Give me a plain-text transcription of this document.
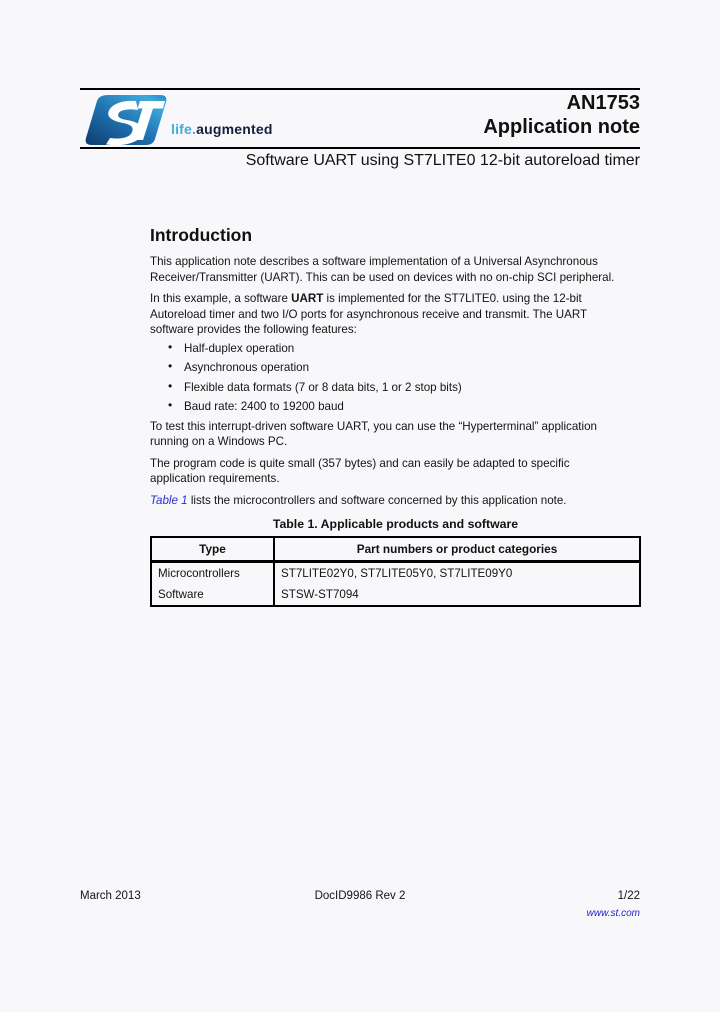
life.augmented
AN1753
Application note
Software UART using ST7LITE0 12-bit autoreload timer
Introduction
This application note describes a software implementation of a Universal Asynchronous
Receiver/Transmitter (UART). This can be used on devices with no on-chip SCI peripheral.
In this example, a software UART is implemented for the ST7LITE0. using the 12-bit
Autoreload timer and two I/O ports for asynchronous receive and transmit. The UART
software provides the following features:
• Half-duplex operation
• Asynchronous operation
• Flexible data formats (7 or 8 data bits, 1 or 2 stop bits)
• Baud rate: 2400 to 19200 baud
To test this interrupt-driven software UART, you can use the “Hyperterminal” application
running on a Windows PC.
The program code is quite small (357 bytes) and can easily be adapted to specific
application requirements.
Table 1 lists the microcontrollers and software concerned by this application note.
Table 1. Applicable products and software
Type	Part numbers or product categories
Microcontrollers	ST7LITE02Y0, ST7LITE05Y0, ST7LITE09Y0
Software	STSW-ST7094
March 2013	DocID9986 Rev 2	1/22
www.st.com
